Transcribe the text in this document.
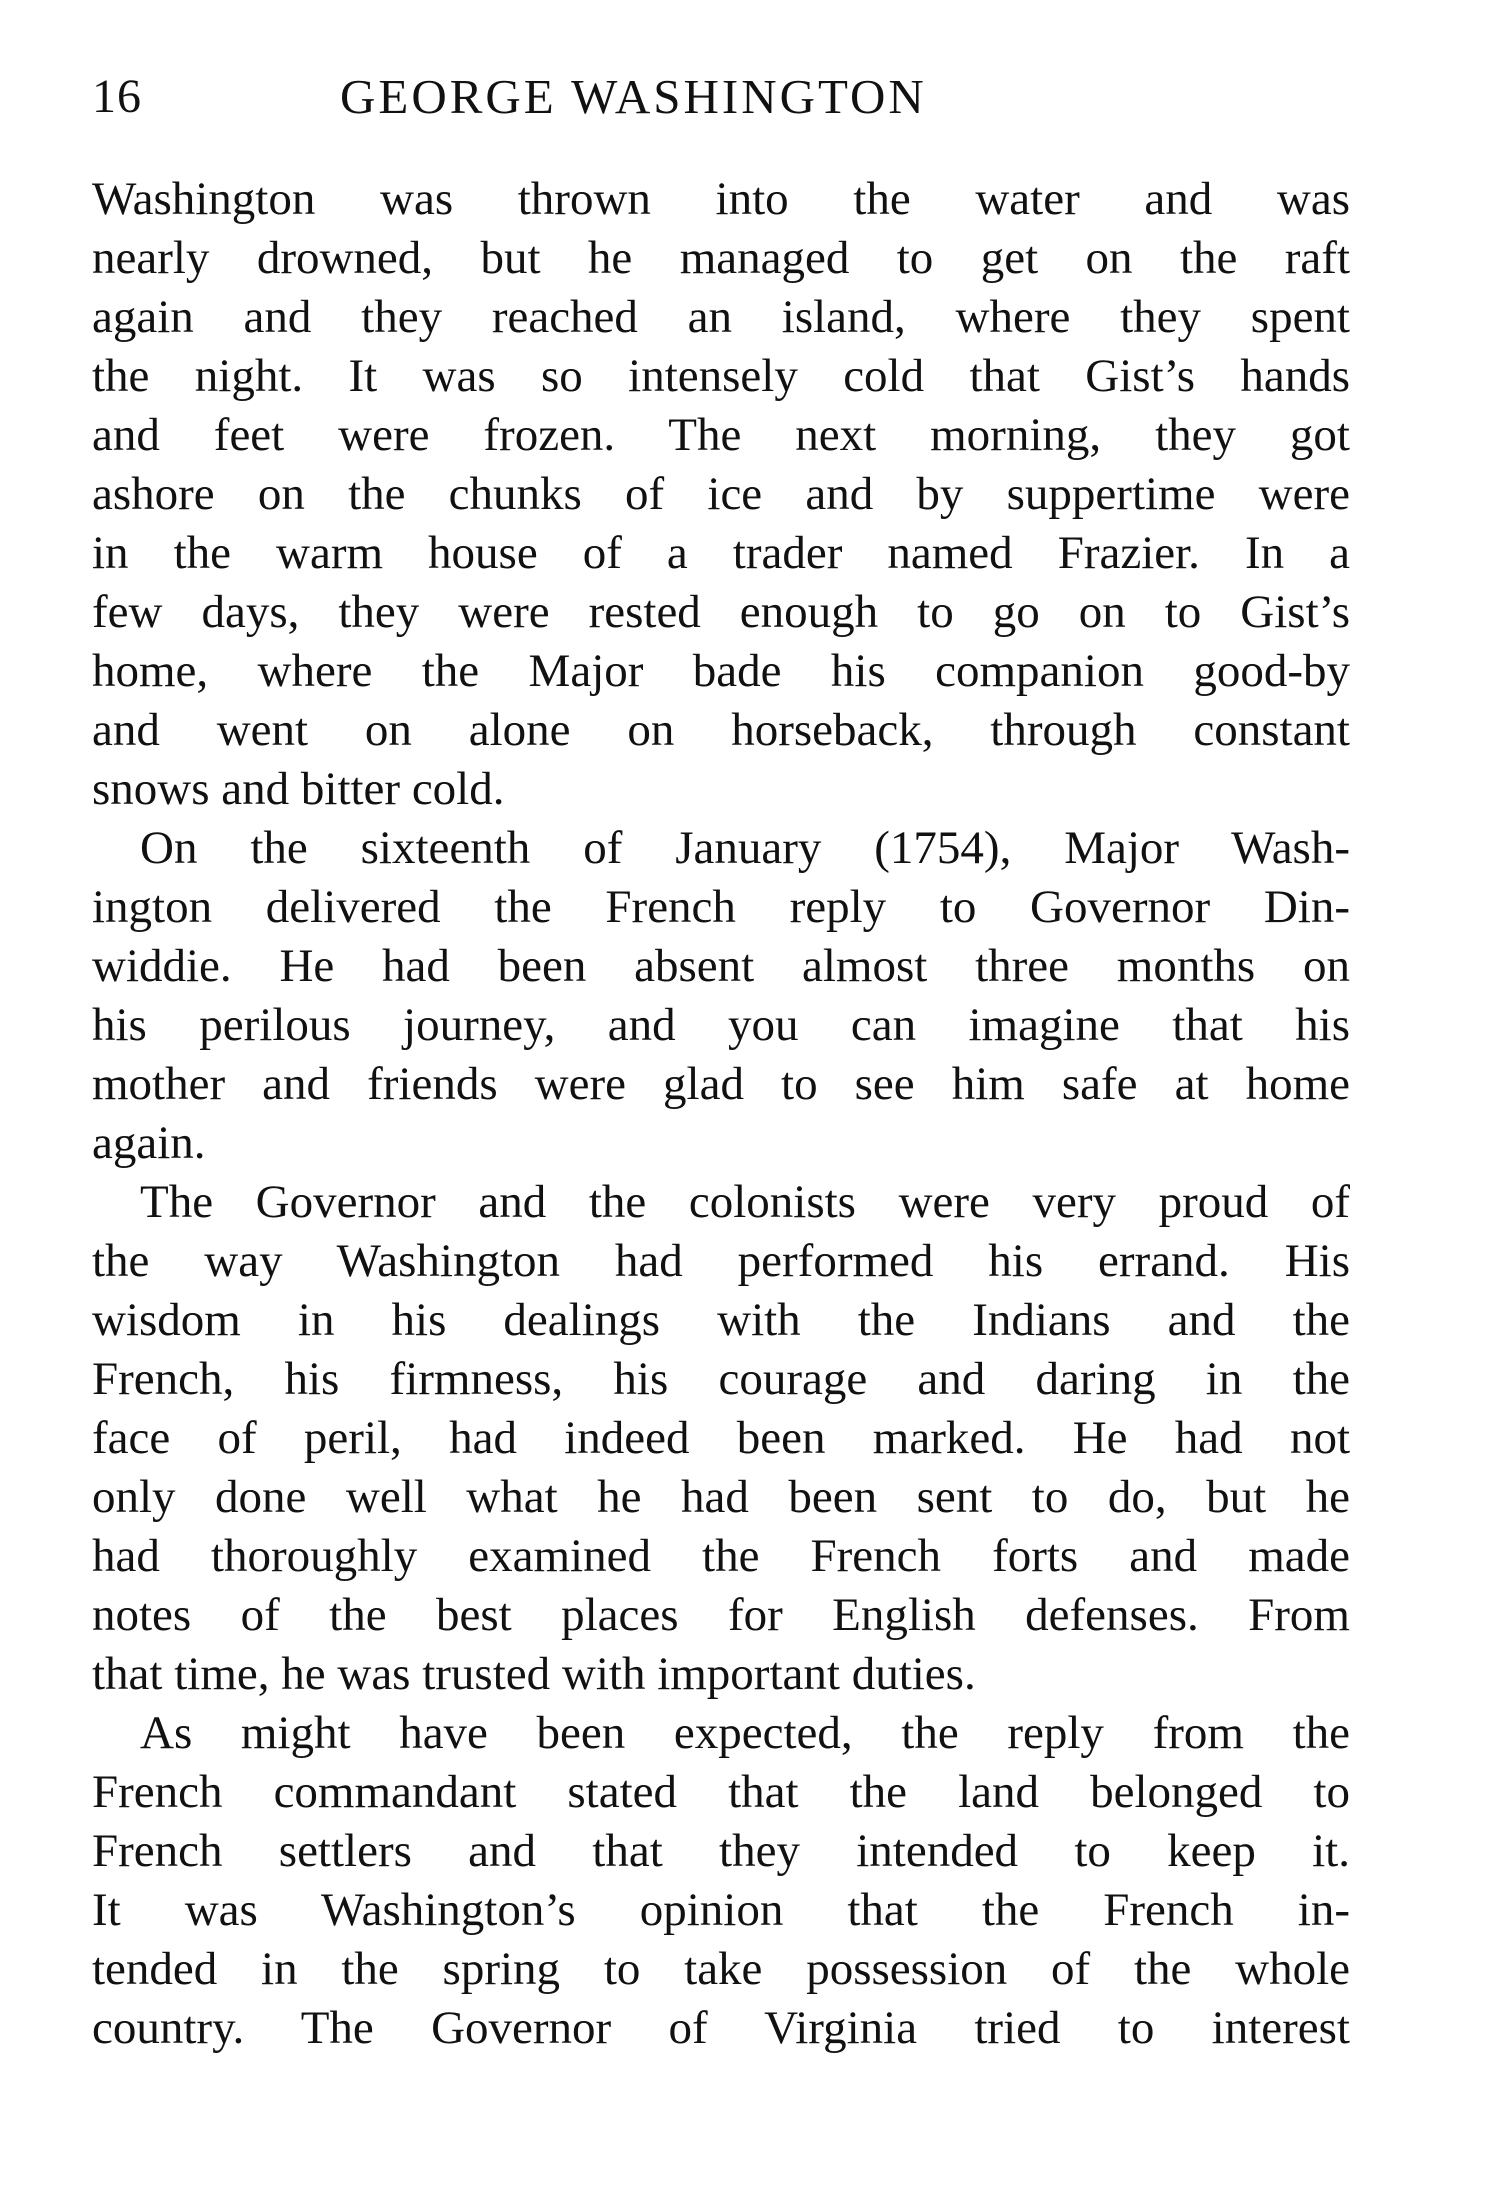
16	GEORGE WASHINGTON
Washington was thrown into the water and was
nearly drowned, but he managed to get on the raft
again and they reached an island, where they spent
the night. It was so intensely cold that Gist’s hands
and feet were frozen. The next morning, they got
ashore on the chunks of ice and by suppertime were
in the warm house of a trader named Frazier. In a
few days, they were rested enough to go on to Gist’s
home, where the Major bade his companion good-by
and went on alone on horseback, through constant
snows and bitter cold.
On the sixteenth of January (1754), Major Wash-
ington delivered the French reply to Governor Din-
widdie. He had been absent almost three months on
his perilous journey, and you can imagine that his
mother and friends were glad to see him safe at home
again.
The Governor and the colonists were very proud of
the way Washington had performed his errand. His
wisdom in his dealings with the Indians and the
French, his firmness, his courage and daring in the
face of peril, had indeed been marked. He had not
only done well what he had been sent to do, but he
had thoroughly examined the French forts and made
notes of the best places for English defenses. From
that time, he was trusted with important duties.
As might have been expected, the reply from the
French commandant stated that the land belonged to
French settlers and that they intended to keep it.
It was Washington’s opinion that the French in-
tended in the spring to take possession of the whole
country. The Governor of Virginia tried to interest
